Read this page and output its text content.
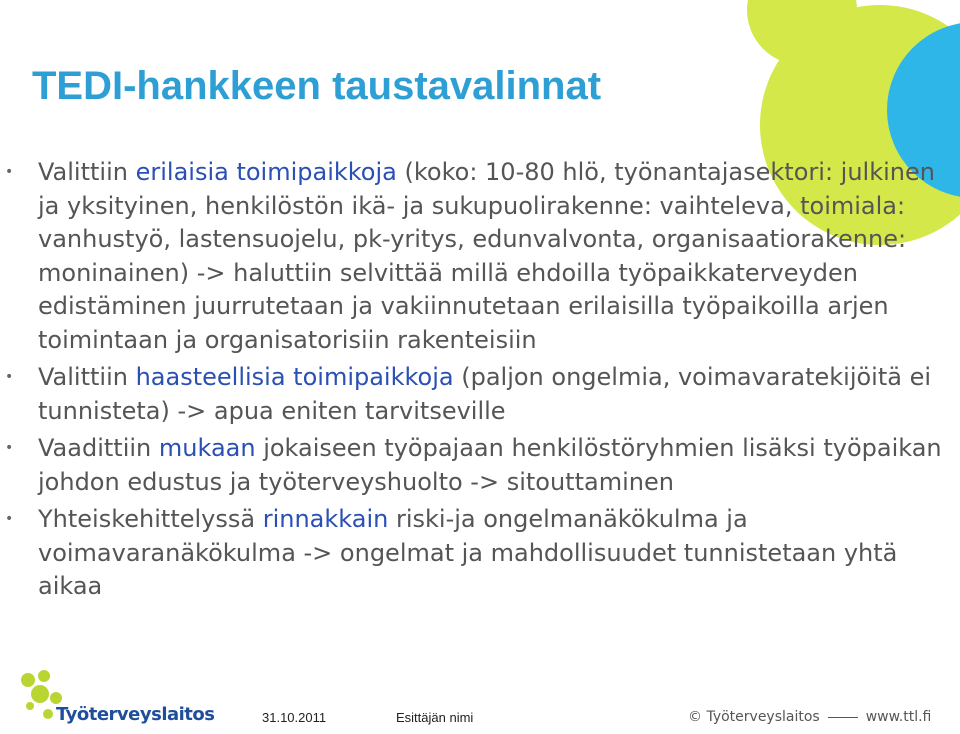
TEDI-hankkeen taustavalinnat
• Valittiin erilaisia toimipaikkoja (koko: 10-80 hlö, työnantajasektori: julkinen ja yksityinen, henkilöstön ikä- ja sukupuolirakenne: vaihteleva, toimiala: vanhustyö, lastensuojelu, pk-yritys, edunvalvonta, organisaatiorakenne: moninainen) -> haluttiin selvittää millä ehdoilla työpaikkaterveyden edistäminen juurrutetaan ja vakiinnutetaan erilaisilla työpaikoilla arjen toimintaan ja organisatorisiin rakenteisiin
• Valittiin haasteellisia toimipaikkoja (paljon ongelmia, voimavaratekijöitä ei tunnisteta) -> apua eniten tarvitseville
• Vaadittiin mukaan jokaiseen työpajaan henkilöstöryhmien lisäksi työpaikan johdon edustus ja työterveyshuolto -> sitouttaminen
• Yhteiskehittelyssä rinnakkain riski-ja ongelmanäkökulma ja voimavaranäkökulma -> ongelmat ja mahdollisuudet tunnistetaan yhtä aikaa
Työterveyslaitos	31.10.2011	Esittäjän nimi	© Työterveyslaitos	www.ttl.fi
